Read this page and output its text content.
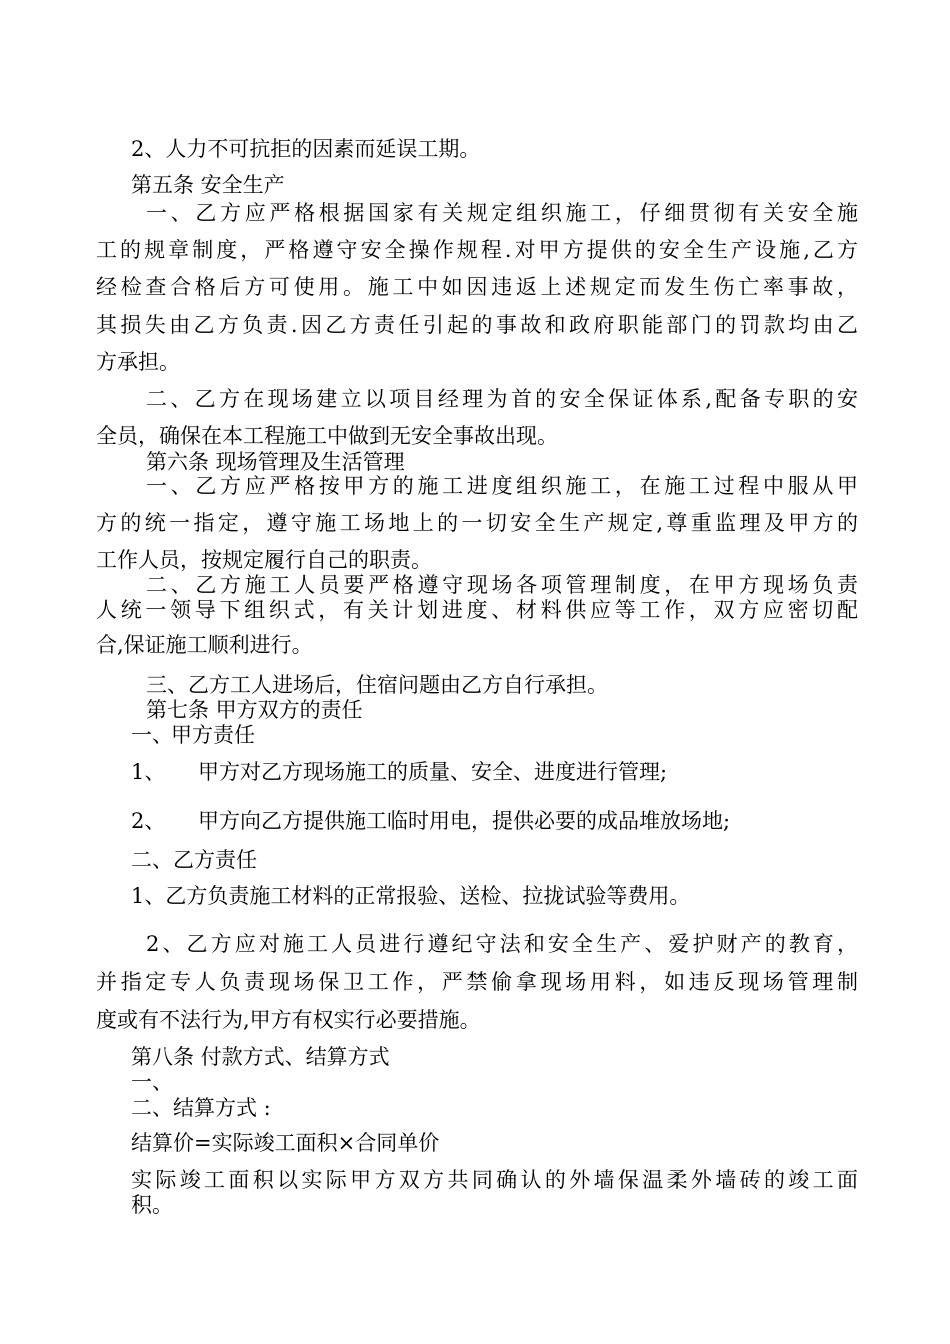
2、人力不可抗拒的因素而延误工期。
第五条 安全生产
一、乙方应严格根据国家有关规定组织施工，仔细贯彻有关安全施
工的规章制度，严格遵守安全操作规程.对甲方提供的安全生产设施,乙方
经检查合格后方可使用。施工中如因违返上述规定而发生伤亡率事故，
其损失由乙方负责.因乙方责任引起的事故和政府职能部门的罚款均由乙
方承担。
二、乙方在现场建立以项目经理为首的安全保证体系,配备专职的安
全员，确保在本工程施工中做到无安全事故出现。
第六条 现场管理及生活管理
一、乙方应严格按甲方的施工进度组织施工，在施工过程中服从甲
方的统一指定，遵守施工场地上的一切安全生产规定,尊重监理及甲方的
工作人员，按规定履行自己的职责。
二、乙方施工人员要严格遵守现场各项管理制度，在甲方现场负责
人统一领导下组织式，有关计划进度、材料供应等工作，双方应密切配
合,保证施工顺利进行。
三、乙方工人进场后，住宿问题由乙方自行承担。
第七条 甲方双方的责任
一、甲方责任
1、 甲方对乙方现场施工的质量、安全、进度进行管理;
2、 甲方向乙方提供施工临时用电，提供必要的成品堆放场地;
二、乙方责任
1、乙方负责施工材料的正常报验、送检、拉拢试验等费用。
2、乙方应对施工人员进行遵纪守法和安全生产、爱护财产的教育，
并指定专人负责现场保卫工作，严禁偷拿现场用料，如违反现场管理制
度或有不法行为,甲方有权实行必要措施。
第八条 付款方式、结算方式
一、
二、结算方式 :
结算价=实际竣工面积×合同单价
实际竣工面积以实际甲方双方共同确认的外墙保温柔外墙砖的竣工面
积。
